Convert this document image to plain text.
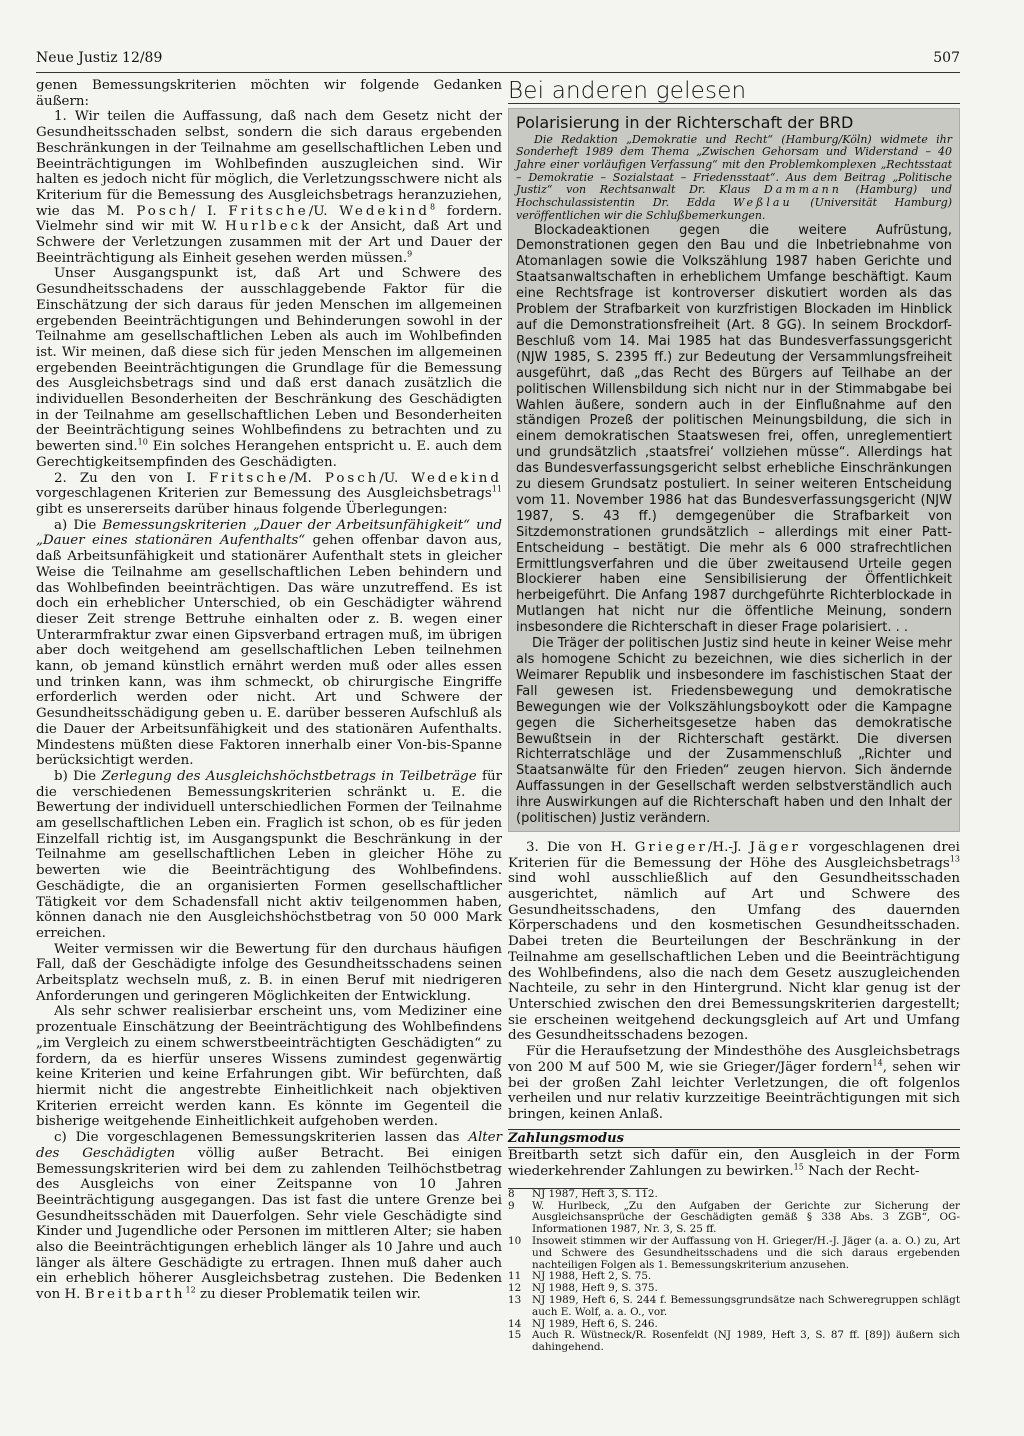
Neue Justiz 12/89	507

genen Bemessungskriterien möchten wir folgende Gedanken äußern:

1. Wir teilen die Auffassung, daß nach dem Gesetz nicht der Gesundheitsschaden selbst, sondern die sich daraus ergebenden Beschränkungen in der Teilnahme am gesellschaftlichen Leben und Beeinträchtigungen im Wohlbefinden auszugleichen sind. Wir halten es jedoch nicht für möglich, die Verletzungsschwere nicht als Kriterium für die Bemessung des Ausgleichsbetrags heranzuziehen, wie das M. Posch/ I. Fritsche/U. Wedekind$^8$ fordern. Vielmehr sind wir mit W. Hurlbeck der Ansicht, daß Art und Schwere der Verletzungen zusammen mit der Art und Dauer der Beeinträchtigung als Einheit gesehen werden müssen.$^9$

Unser Ausgangspunkt ist, daß Art und Schwere des Gesundheitsschadens der ausschlaggebende Faktor für die Einschätzung der sich daraus für jeden Menschen im allgemeinen ergebenden Beeinträchtigungen und Behinderungen sowohl in der Teilnahme am gesellschaftlichen Leben als auch im Wohlbefinden ist. Wir meinen, daß diese sich für jeden Menschen im allgemeinen ergebenden Beeinträchtigungen die Grundlage für die Bemessung des Ausgleichsbetrags sind und daß erst danach zusätzlich die individuellen Besonderheiten der Beschränkung des Geschädigten in der Teilnahme am gesellschaftlichen Leben und Besonderheiten der Beeinträchtigung seines Wohlbefindens zu betrachten und zu bewerten sind.$^{10}$ Ein solches Herangehen entspricht u. E. auch dem Gerechtigkeitsempfinden des Geschädigten.

2. Zu den von I. Fritsche/M. Posch/U. Wedekind vorgeschlagenen Kriterien zur Bemessung des Ausgleichsbetrags$^{11}$ gibt es unsererseits darüber hinaus folgende Überlegungen:

a) Die Bemessungskriterien „Dauer der Arbeitsunfähigkeit“ und „Dauer eines stationären Aufenthalts“ gehen offenbar davon aus, daß Arbeitsunfähigkeit und stationärer Aufenthalt stets in gleicher Weise die Teilnahme am gesellschaftlichen Leben behindern und das Wohlbefinden beeinträchtigen. Das wäre unzutreffend. Es ist doch ein erheblicher Unterschied, ob ein Geschädigter während dieser Zeit strenge Bettruhe einhalten oder z. B. wegen einer Unterarmfraktur zwar einen Gipsverband ertragen muß, im übrigen aber doch weitgehend am gesellschaftlichen Leben teilnehmen kann, ob jemand künstlich ernährt werden muß oder alles essen und trinken kann, was ihm schmeckt, ob chirurgische Eingriffe erforderlich werden oder nicht. Art und Schwere der Gesundheitsschädigung geben u. E. darüber besseren Aufschluß als die Dauer der Arbeitsunfähigkeit und des stationären Aufenthalts. Mindestens müßten diese Faktoren innerhalb einer Von-bis-Spanne berücksichtigt werden.

b) Die Zerlegung des Ausgleichshöchstbetrags in Teilbeträge für die verschiedenen Bemessungskriterien schränkt u. E. die Bewertung der individuell unterschiedlichen Formen der Teilnahme am gesellschaftlichen Leben ein. Fraglich ist schon, ob es für jeden Einzelfall richtig ist, im Ausgangspunkt die Beschränkung in der Teilnahme am gesellschaftlichen Leben in gleicher Höhe zu bewerten wie die Beeinträchtigung des Wohlbefindens. Geschädigte, die an organisierten Formen gesellschaftlicher Tätigkeit vor dem Schadensfall nicht aktiv teilgenommen haben, können danach nie den Ausgleichshöchstbetrag von 50 000 Mark erreichen.

Weiter vermissen wir die Bewertung für den durchaus häufigen Fall, daß der Geschädigte infolge des Gesundheitsschadens seinen Arbeitsplatz wechseln muß, z. B. in einen Beruf mit niedrigeren Anforderungen und geringeren Möglichkeiten der Entwicklung.

Als sehr schwer realisierbar erscheint uns, vom Mediziner eine prozentuale Einschätzung der Beeinträchtigung des Wohlbefindens „im Vergleich zu einem schwerstbeeinträchtigten Geschädigten“ zu fordern, da es hierfür unseres Wissens zumindest gegenwärtig keine Kriterien und keine Erfahrungen gibt. Wir befürchten, daß hiermit nicht die angestrebte Einheitlichkeit nach objektiven Kriterien erreicht werden kann. Es könnte im Gegenteil die bisherige weitgehende Einheitlichkeit aufgehoben werden.

c) Die vorgeschlagenen Bemessungskriterien lassen das Alter des Geschädigten völlig außer Betracht. Bei einigen Bemessungskriterien wird bei dem zu zahlenden Teilhöchstbetrag des Ausgleichs von einer Zeitspanne von 10 Jahren Beeinträchtigung ausgegangen. Das ist fast die untere Grenze bei Gesundheitsschäden mit Dauerfolgen. Sehr viele Geschädigte sind Kinder und Jugendliche oder Personen im mittleren Alter; sie haben also die Beeinträchtigungen erheblich länger als 10 Jahre und auch länger als ältere Geschädigte zu ertragen. Ihnen muß daher auch ein erheblich höherer Ausgleichsbetrag zustehen. Die Bedenken von H. Breitbarth$^{12}$ zu dieser Problematik teilen wir.

Bei anderen gelesen
Polarisierung in der Richterschaft der BRD

Die Redaktion „Demokratie und Recht“ (Hamburg/Köln) widmete ihr Sonderheft 1989 dem Thema „Zwischen Gehorsam und Widerstand – 40 Jahre einer vorläufigen Verfassung“ mit den Problemkomplexen „Rechtsstaat – Demokratie – Sozialstaat – Friedensstaat“. Aus dem Beitrag „Politische Justiz“ von Rechtsanwalt Dr. Klaus Dammann (Hamburg) und Hochschulassistentin Dr. Edda Weßlau (Universität Hamburg) veröffentlichen wir die Schlußbemerkungen.

Blockadeaktionen gegen die weitere Aufrüstung, Demonstrationen gegen den Bau und die Inbetriebnahme von Atomanlagen sowie die Volkszählung 1987 haben Gerichte und Staatsanwaltschaften in erheblichem Umfange beschäftigt. Kaum eine Rechtsfrage ist kontroverser diskutiert worden als das Problem der Strafbarkeit von kurzfristigen Blockaden im Hinblick auf die Demonstrationsfreiheit (Art. 8 GG). In seinem Brockdorf-Beschluß vom 14. Mai 1985 hat das Bundesverfassungsgericht (NJW 1985, S. 2395 ff.) zur Bedeutung der Versammlungsfreiheit ausgeführt, daß „das Recht des Bürgers auf Teilhabe an der politischen Willensbildung sich nicht nur in der Stimmabgabe bei Wahlen äußere, sondern auch in der Einflußnahme auf den ständigen Prozeß der politischen Meinungsbildung, die sich in einem demokratischen Staatswesen frei, offen, unreglementiert und grundsätzlich ‚staatsfrei‘ vollziehen müsse“. Allerdings hat das Bundesverfassungsgericht selbst erhebliche Einschränkungen zu diesem Grundsatz postuliert. In seiner weiteren Entscheidung vom 11. November 1986 hat das Bundesverfassungsgericht (NJW 1987, S. 43 ff.) demgegenüber die Strafbarkeit von Sitzdemonstrationen grundsätzlich – allerdings mit einer Patt-Entscheidung – bestätigt. Die mehr als 6 000 strafrechtlichen Ermittlungsverfahren und die über zweitausend Urteile gegen Blockierer haben eine Sensibilisierung der Öffentlichkeit herbeigeführt. Die Anfang 1987 durchgeführte Richterblockade in Mutlangen hat nicht nur die öffentliche Meinung, sondern insbesondere die Richterschaft in dieser Frage polarisiert. . .

Die Träger der politischen Justiz sind heute in keiner Weise mehr als homogene Schicht zu bezeichnen, wie dies sicherlich in der Weimarer Republik und insbesondere im faschistischen Staat der Fall gewesen ist. Friedensbewegung und demokratische Bewegungen wie der Volkszählungsboykott oder die Kampagne gegen die Sicherheitsgesetze haben das demokratische Bewußtsein in der Richterschaft gestärkt. Die diversen Richterratschläge und der Zusammenschluß „Richter und Staatsanwälte für den Frieden“ zeugen hiervon. Sich ändernde Auffassungen in der Gesellschaft werden selbstverständlich auch ihre Auswirkungen auf die Richterschaft haben und den Inhalt der (politischen) Justiz verändern.

3. Die von H. Grieger/H.-J. Jäger vorgeschlagenen drei Kriterien für die Bemessung der Höhe des Ausgleichsbetrags$^{13}$ sind wohl ausschließlich auf den Gesundheitsschaden ausgerichtet, nämlich auf Art und Schwere des Gesundheitsschadens, den Umfang des dauernden Körperschadens und den kosmetischen Gesundheitsschaden. Dabei treten die Beurteilungen der Beschränkung in der Teilnahme am gesellschaftlichen Leben und die Beeinträchtigung des Wohlbefindens, also die nach dem Gesetz auszugleichenden Nachteile, zu sehr in den Hintergrund. Nicht klar genug ist der Unterschied zwischen den drei Bemessungskriterien dargestellt; sie erscheinen weitgehend deckungsgleich auf Art und Umfang des Gesundheitsschadens bezogen.

Für die Heraufsetzung der Mindesthöhe des Ausgleichsbetrags von 200 M auf 500 M, wie sie Grieger/Jäger fordern$^{14}$, sehen wir bei der großen Zahl leichter Verletzungen, die oft folgenlos verheilen und nur relativ kurzzeitige Beeinträchtigungen mit sich bringen, keinen Anlaß.

Zahlungsmodus

Breitbarth setzt sich dafür ein, den Ausgleich in der Form wiederkehrender Zahlungen zu bewirken.$^{15}$ Nach der Recht-

8	NJ 1987, Heft 3, S. 112.
9	W. Hurlbeck, „Zu den Aufgaben der Gerichte zur Sicherung der Ausgleichsansprüche der Geschädigten gemäß § 338 Abs. 3 ZGB“, OG-Informationen 1987, Nr. 3, S. 25 ff.
10	Insoweit stimmen wir der Auffassung von H. Grieger/H.-J. Jäger (a. a. O.) zu, Art und Schwere des Gesundheitsschadens und die sich daraus ergebenden nachteiligen Folgen als 1. Bemessungskriterium anzusehen.
11	NJ 1988, Heft 2, S. 75.
12	NJ 1988, Heft 9, S. 375.
13	NJ 1989, Heft 6, S. 244 f. Bemessungsgrundsätze nach Schweregruppen schlägt auch E. Wolf, a. a. O., vor.
14	NJ 1989, Heft 6, S. 246.
15	Auch R. Wüstneck/R. Rosenfeldt (NJ 1989, Heft 3, S. 87 ff. [89]) äußern sich dahingehend.
